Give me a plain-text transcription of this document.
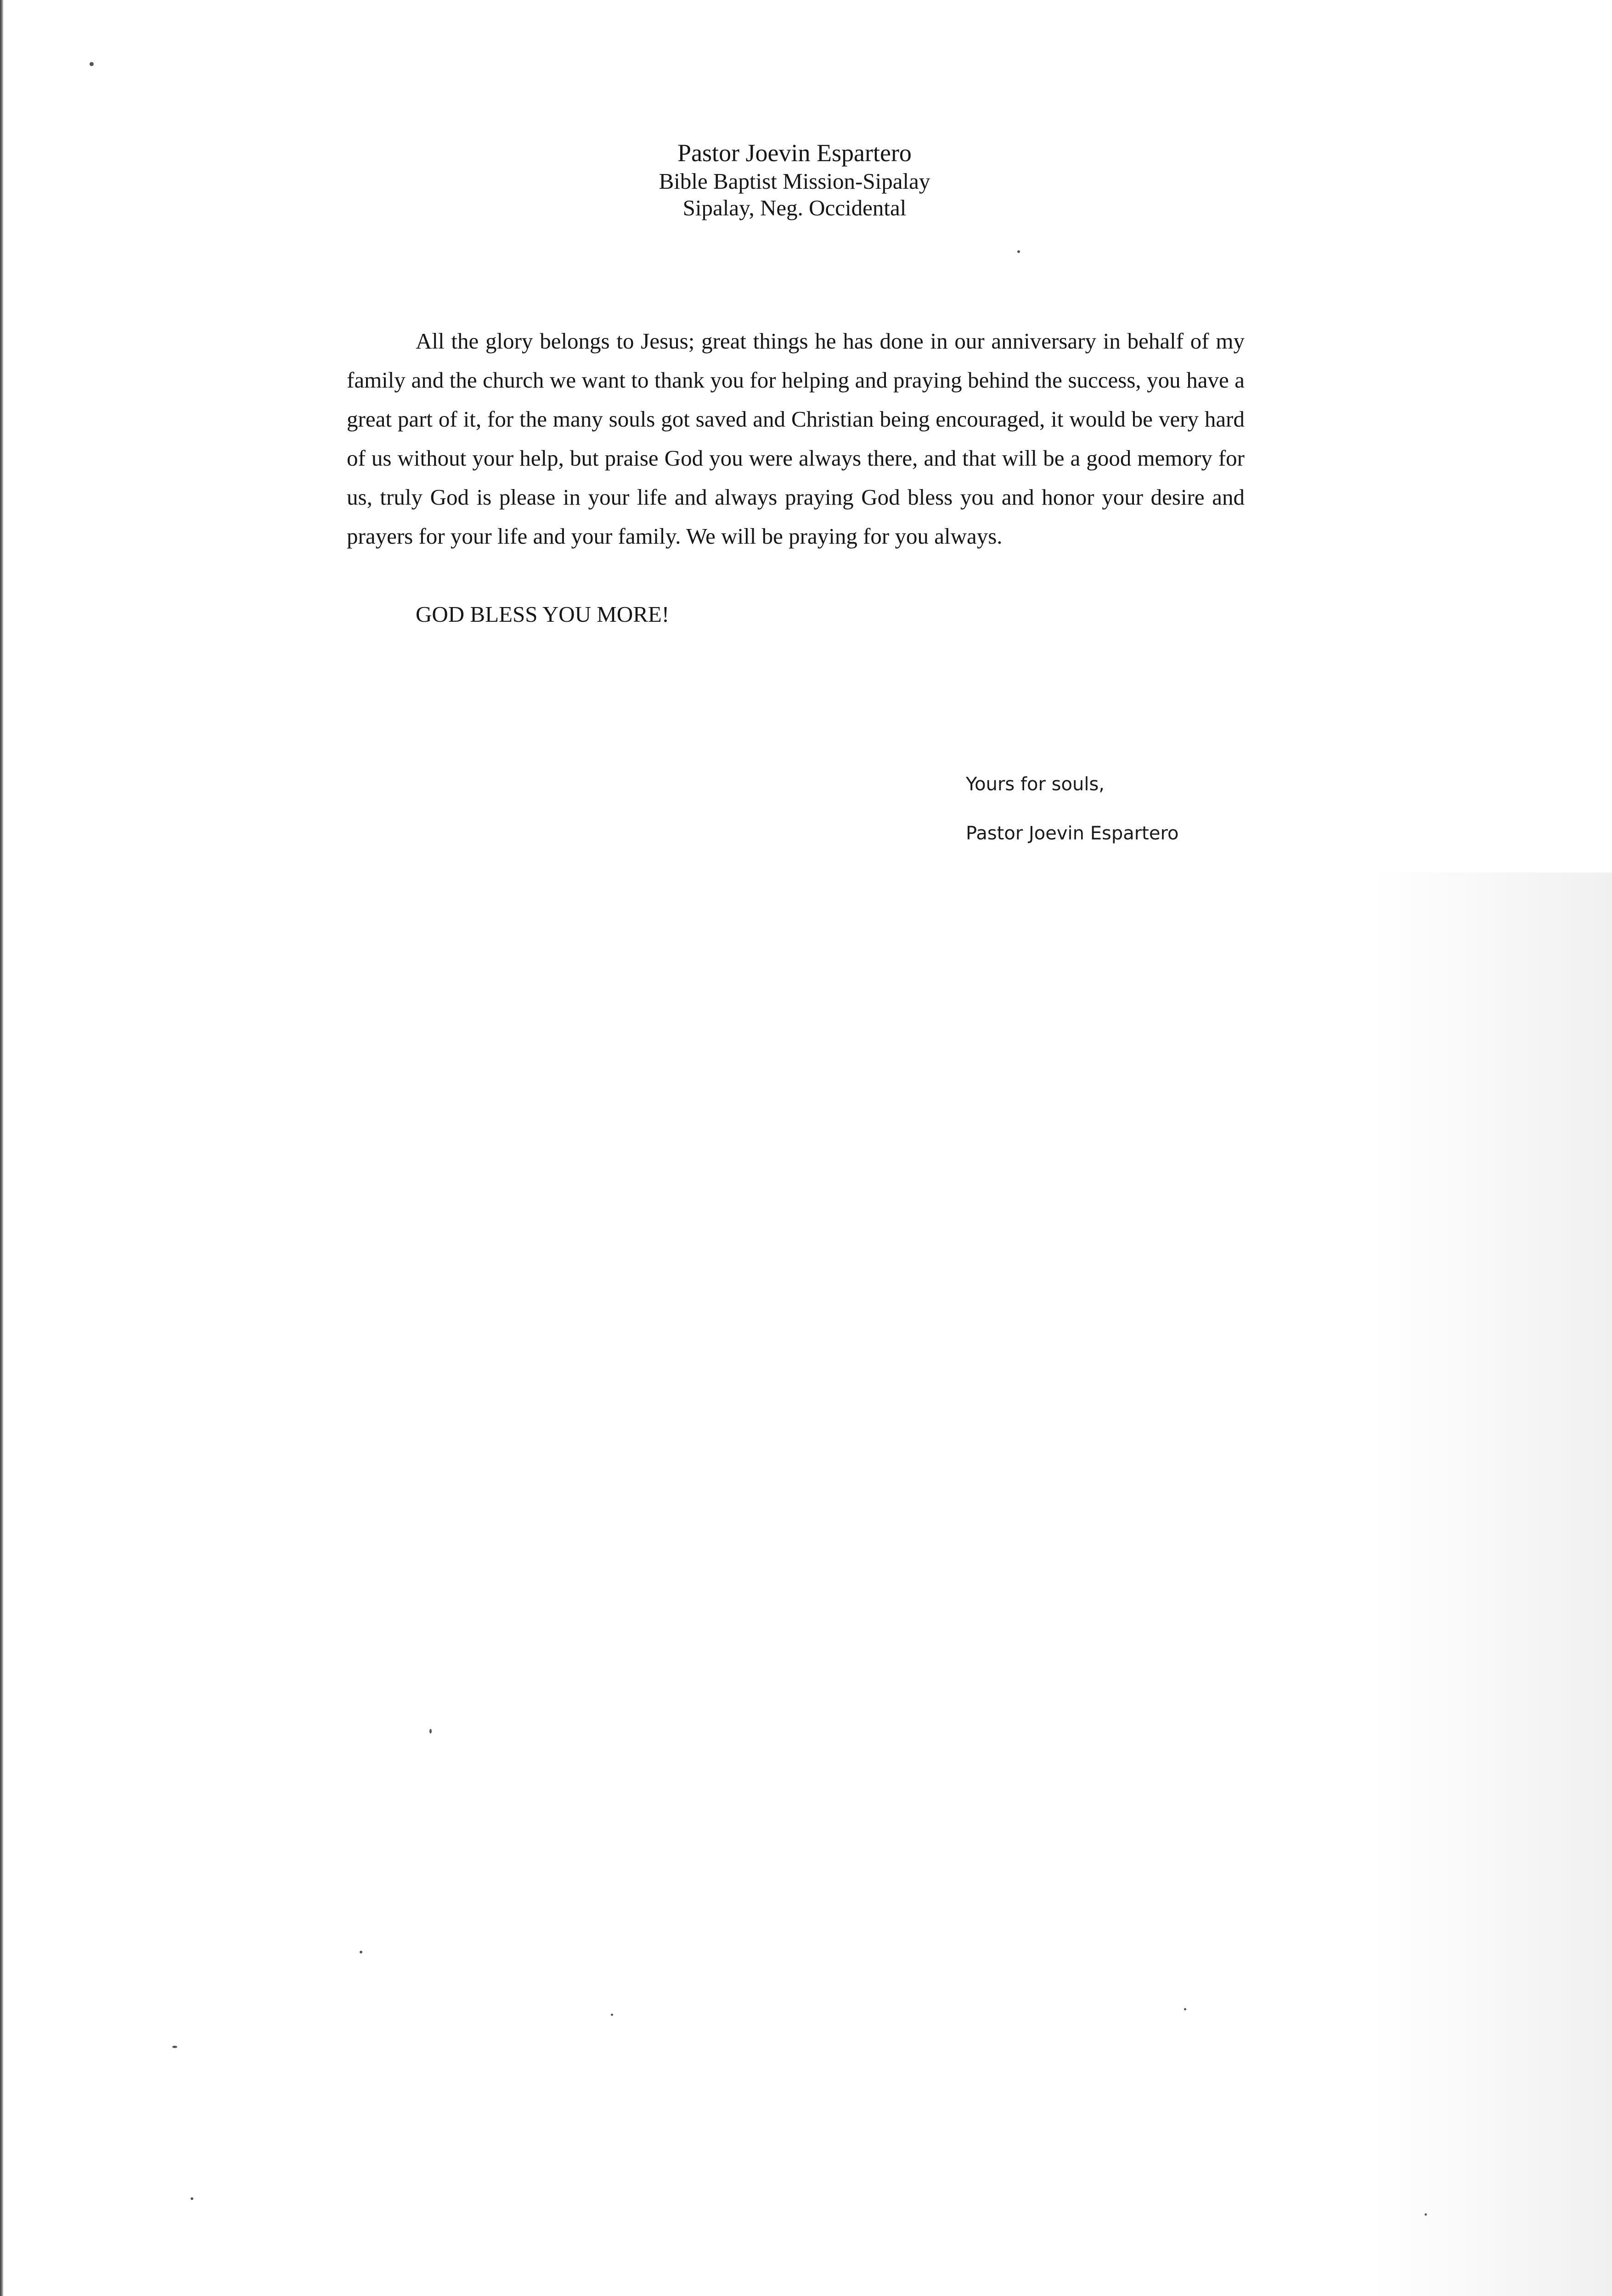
Pastor Joevin Espartero
Bible Baptist Mission-Sipalay
Sipalay, Neg. Occidental

All the glory belongs to Jesus; great things he has done in our anniversary in behalf of my family and the church we want to thank you for helping and praying behind the success, you have a great part of it, for the many souls got saved and Christian being encouraged, it would be very hard of us without your help, but praise God you were always there, and that will be a good memory for us, truly God is please in your life and always praying God bless you and honor your desire and prayers for your life and your family. We will be praying for you always.

GOD BLESS YOU MORE!
Yours for souls,
Pastor Joevin Espartero
